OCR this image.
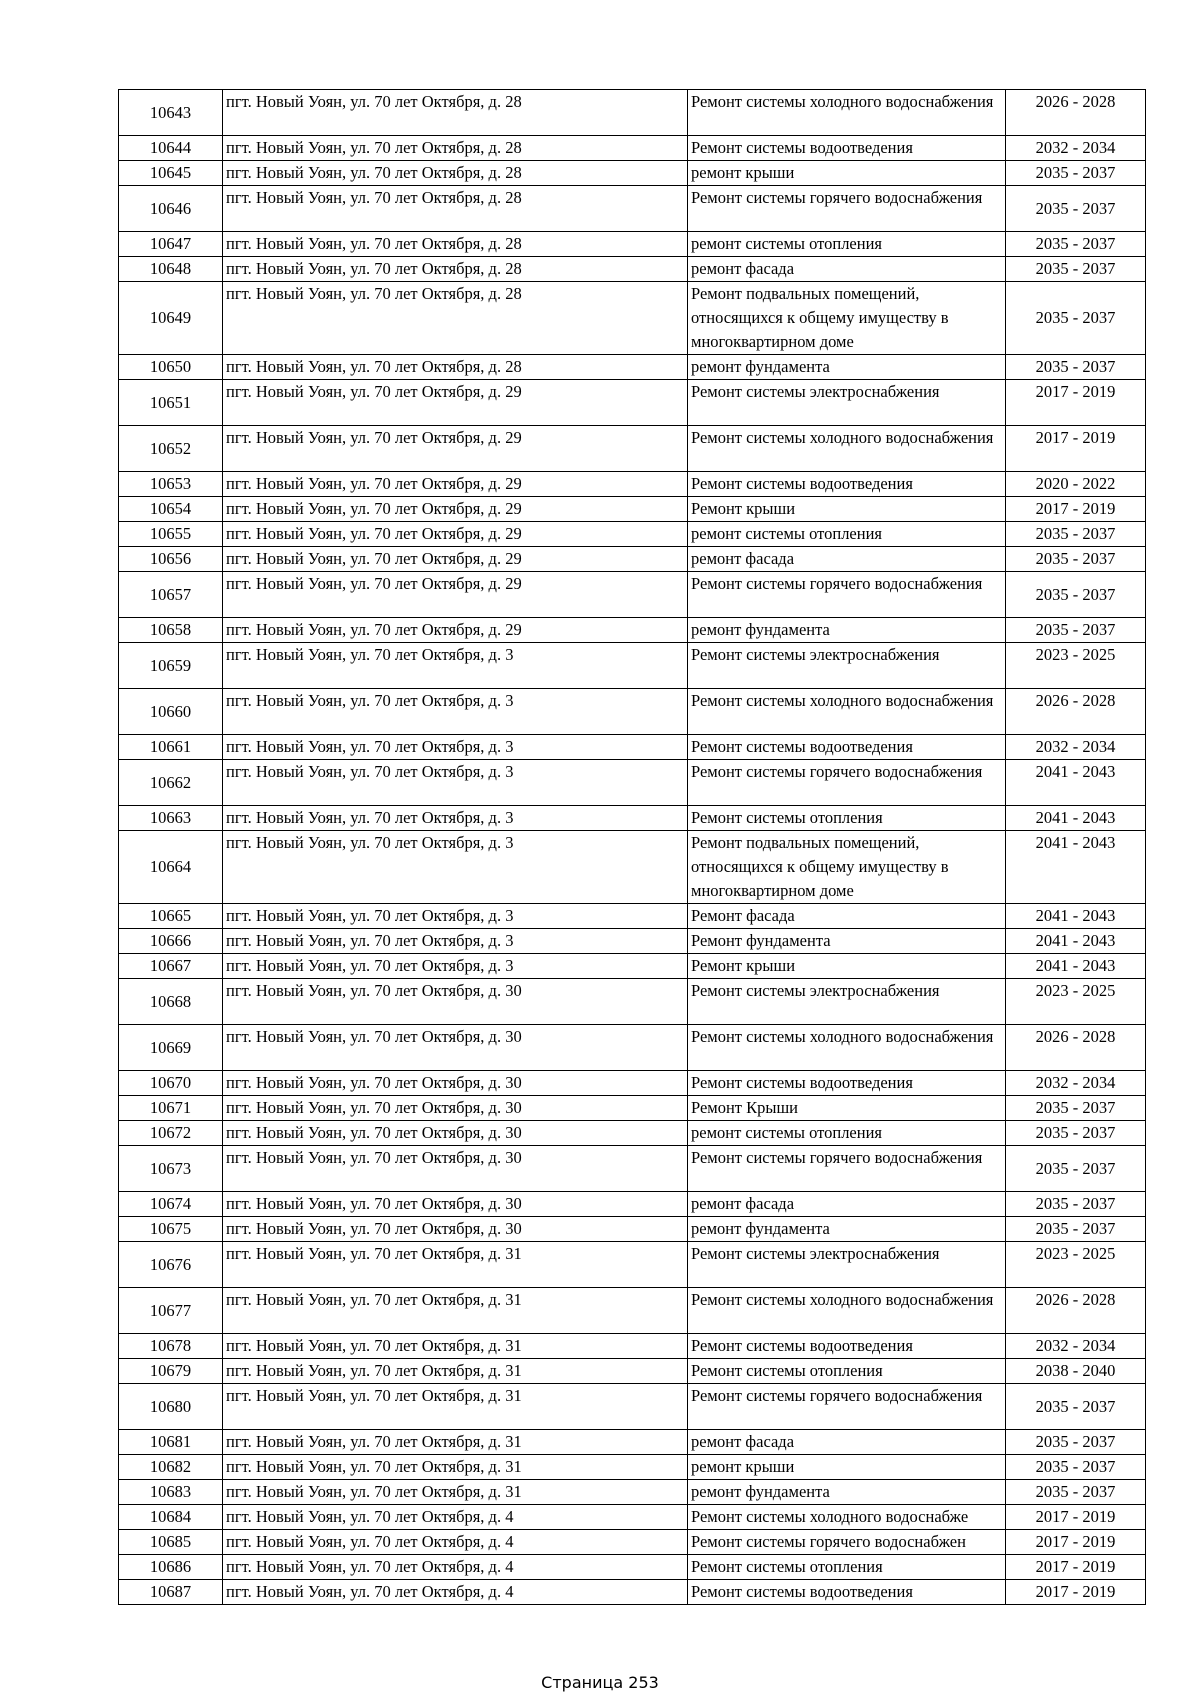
10643	пгт. Новый Уоян, ул. 70 лет Октября, д. 28	Ремонт системы холодного водоснабжения	2026 - 2028
10644	пгт. Новый Уоян, ул. 70 лет Октября, д. 28	Ремонт системы водоотведения	2032 - 2034
10645	пгт. Новый Уоян, ул. 70 лет Октября, д. 28	ремонт крыши	2035 - 2037
10646	пгт. Новый Уоян, ул. 70 лет Октября, д. 28	Ремонт системы горячего водоснабжения	2035 - 2037
10647	пгт. Новый Уоян, ул. 70 лет Октября, д. 28	ремонт системы отопления	2035 - 2037
10648	пгт. Новый Уоян, ул. 70 лет Октября, д. 28	ремонт фасада	2035 - 2037
10649	пгт. Новый Уоян, ул. 70 лет Октября, д. 28	Ремонт подвальных помещений, относящихся к общему имуществу в многоквартирном доме	2035 - 2037
10650	пгт. Новый Уоян, ул. 70 лет Октября, д. 28	ремонт фундамента	2035 - 2037
10651	пгт. Новый Уоян, ул. 70 лет Октября, д. 29	Ремонт системы электроснабжения	2017 - 2019
10652	пгт. Новый Уоян, ул. 70 лет Октября, д. 29	Ремонт системы холодного водоснабжения	2017 - 2019
10653	пгт. Новый Уоян, ул. 70 лет Октября, д. 29	Ремонт системы водоотведения	2020 - 2022
10654	пгт. Новый Уоян, ул. 70 лет Октября, д. 29	Ремонт крыши	2017 - 2019
10655	пгт. Новый Уоян, ул. 70 лет Октября, д. 29	ремонт системы отопления	2035 - 2037
10656	пгт. Новый Уоян, ул. 70 лет Октября, д. 29	ремонт фасада	2035 - 2037
10657	пгт. Новый Уоян, ул. 70 лет Октября, д. 29	Ремонт системы горячего водоснабжения	2035 - 2037
10658	пгт. Новый Уоян, ул. 70 лет Октября, д. 29	ремонт фундамента	2035 - 2037
10659	пгт. Новый Уоян, ул. 70 лет Октября, д. 3	Ремонт системы электроснабжения	2023 - 2025
10660	пгт. Новый Уоян, ул. 70 лет Октября, д. 3	Ремонт системы холодного водоснабжения	2026 - 2028
10661	пгт. Новый Уоян, ул. 70 лет Октября, д. 3	Ремонт системы водоотведения	2032 - 2034
10662	пгт. Новый Уоян, ул. 70 лет Октября, д. 3	Ремонт системы горячего водоснабжения	2041 - 2043
10663	пгт. Новый Уоян, ул. 70 лет Октября, д. 3	Ремонт системы отопления	2041 - 2043
10664	пгт. Новый Уоян, ул. 70 лет Октября, д. 3	Ремонт подвальных помещений, относящихся к общему имуществу в многоквартирном доме	2041 - 2043
10665	пгт. Новый Уоян, ул. 70 лет Октября, д. 3	Ремонт фасада	2041 - 2043
10666	пгт. Новый Уоян, ул. 70 лет Октября, д. 3	Ремонт фундамента	2041 - 2043
10667	пгт. Новый Уоян, ул. 70 лет Октября, д. 3	Ремонт крыши	2041 - 2043
10668	пгт. Новый Уоян, ул. 70 лет Октября, д. 30	Ремонт системы электроснабжения	2023 - 2025
10669	пгт. Новый Уоян, ул. 70 лет Октября, д. 30	Ремонт системы холодного водоснабжения	2026 - 2028
10670	пгт. Новый Уоян, ул. 70 лет Октября, д. 30	Ремонт системы водоотведения	2032 - 2034
10671	пгт. Новый Уоян, ул. 70 лет Октября, д. 30	Ремонт Крыши	2035 - 2037
10672	пгт. Новый Уоян, ул. 70 лет Октября, д. 30	ремонт системы отопления	2035 - 2037
10673	пгт. Новый Уоян, ул. 70 лет Октября, д. 30	Ремонт системы горячего водоснабжения	2035 - 2037
10674	пгт. Новый Уоян, ул. 70 лет Октября, д. 30	ремонт фасада	2035 - 2037
10675	пгт. Новый Уоян, ул. 70 лет Октября, д. 30	ремонт фундамента	2035 - 2037
10676	пгт. Новый Уоян, ул. 70 лет Октября, д. 31	Ремонт системы электроснабжения	2023 - 2025
10677	пгт. Новый Уоян, ул. 70 лет Октября, д. 31	Ремонт системы холодного водоснабжения	2026 - 2028
10678	пгт. Новый Уоян, ул. 70 лет Октября, д. 31	Ремонт системы водоотведения	2032 - 2034
10679	пгт. Новый Уоян, ул. 70 лет Октября, д. 31	Ремонт системы отопления	2038 - 2040
10680	пгт. Новый Уоян, ул. 70 лет Октября, д. 31	Ремонт системы горячего водоснабжения	2035 - 2037
10681	пгт. Новый Уоян, ул. 70 лет Октября, д. 31	ремонт фасада	2035 - 2037
10682	пгт. Новый Уоян, ул. 70 лет Октября, д. 31	ремонт крыши	2035 - 2037
10683	пгт. Новый Уоян, ул. 70 лет Октября, д. 31	ремонт фундамента	2035 - 2037
10684	пгт. Новый Уоян, ул. 70 лет Октября, д. 4	Ремонт системы холодного водоснабже	2017 - 2019
10685	пгт. Новый Уоян, ул. 70 лет Октября, д. 4	Ремонт системы горячего водоснабжен	2017 - 2019
10686	пгт. Новый Уоян, ул. 70 лет Октября, д. 4	Ремонт системы отопления	2017 - 2019
10687	пгт. Новый Уоян, ул. 70 лет Октября, д. 4	Ремонт системы водоотведения	2017 - 2019
Страница 253
